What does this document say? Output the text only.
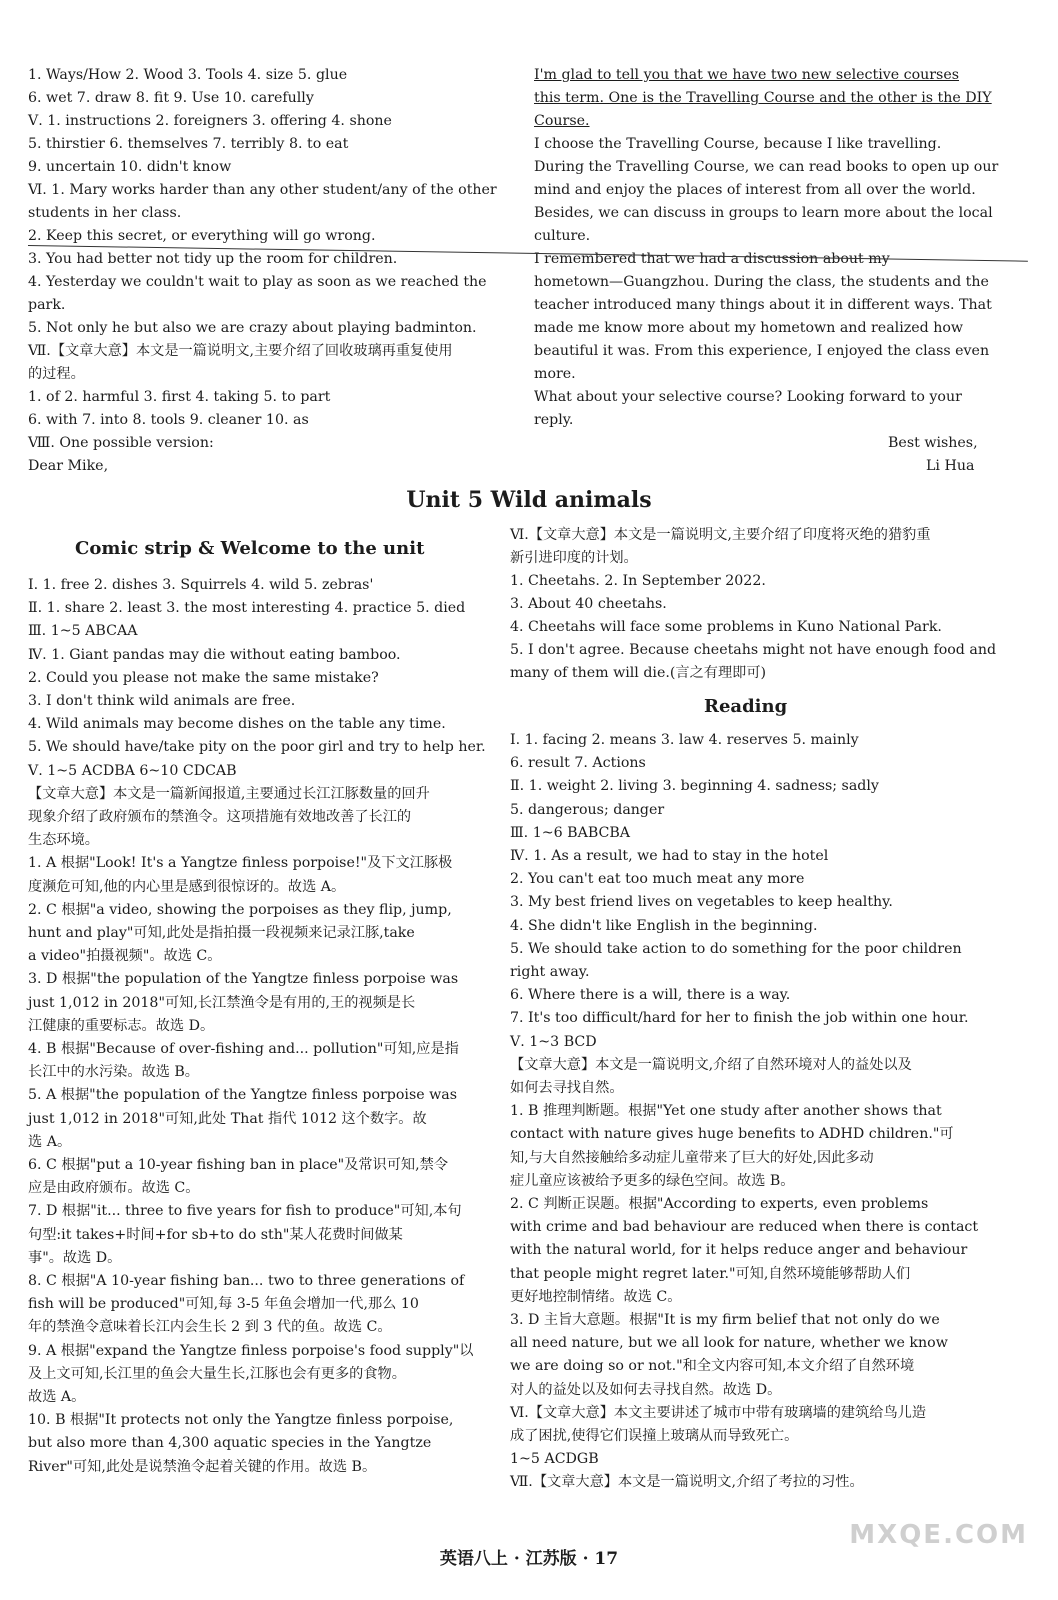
1. Ways/How 2. Wood 3. Tools 4. size 5. glue
6. wet 7. draw 8. fit 9. Use 10. carefully
Ⅴ. 1. instructions 2. foreigners 3. offering 4. shone
5. thirstier 6. themselves 7. terribly 8. to eat
9. uncertain 10. didn't know
Ⅵ. 1. Mary works harder than any other student/any of the other
students in her class.
2. Keep this secret, or everything will go wrong.
3. You had better not tidy up the room for children.
4. Yesterday we couldn't wait to play as soon as we reached the
park.
5. Not only he but also we are crazy about playing badminton.
Ⅶ.【文章大意】本文是一篇说明文,主要介绍了回收玻璃再重复使用
的过程。
1. of 2. harmful 3. first 4. taking 5. to part
6. with 7. into 8. tools 9. cleaner 10. as
Ⅷ. One possible version:
Dear Mike,
I'm glad to tell you that we have two new selective courses
this term. One is the Travelling Course and the other is the DIY
Course.
I choose the Travelling Course, because I like travelling.
During the Travelling Course, we can read books to open up our
mind and enjoy the places of interest from all over the world.
Besides, we can discuss in groups to learn more about the local
culture.
I remembered that we had a discussion about my
hometown—Guangzhou. During the class, the students and the
teacher introduced many things about it in different ways. That
made me know more about my hometown and realized how
beautiful it was. From this experience, I enjoyed the class even
more.
What about your selective course? Looking forward to your
reply.
Best wishes,
Li Hua
Unit 5 Wild animals
Comic strip & Welcome to the unit
Reading
Ⅰ. 1. free 2. dishes 3. Squirrels 4. wild 5. zebras'
Ⅱ. 1. share 2. least 3. the most interesting 4. practice 5. died
Ⅲ. 1~5 ABCAA
Ⅳ. 1. Giant pandas may die without eating bamboo.
2. Could you please not make the same mistake?
3. I don't think wild animals are free.
4. Wild animals may become dishes on the table any time.
5. We should have/take pity on the poor girl and try to help her.
Ⅴ. 1~5 ACDBA 6~10 CDCAB
【文章大意】本文是一篇新闻报道,主要通过长江江豚数量的回升
现象介绍了政府颁布的禁渔令。这项措施有效地改善了长江的
生态环境。
1. A 根据"Look! It's a Yangtze finless porpoise!"及下文江豚极
度濒危可知,他的内心里是感到很惊讶的。故选 A。
2. C 根据"a video, showing the porpoises as they flip, jump,
hunt and play"可知,此处是指拍摄一段视频来记录江豚,take
a video"拍摄视频"。故选 C。
3. D 根据"the population of the Yangtze finless porpoise was
just 1,012 in 2018"可知,长江禁渔令是有用的,王的视频是长
江健康的重要标志。故选 D。
4. B 根据"Because of over-fishing and... pollution"可知,应是指
长江中的水污染。故选 B。
5. A 根据"the population of the Yangtze finless porpoise was
just 1,012 in 2018"可知,此处 That 指代 1012 这个数字。故
选 A。
6. C 根据"put a 10-year fishing ban in place"及常识可知,禁令
应是由政府颁布。故选 C。
7. D 根据"it... three to five years for fish to produce"可知,本句
句型:it takes+时间+for sb+to do sth"某人花费时间做某
事"。故选 D。
8. C 根据"A 10-year fishing ban... two to three generations of
fish will be produced"可知,每 3-5 年鱼会增加一代,那么 10
年的禁渔令意味着长江内会生长 2 到 3 代的鱼。故选 C。
9. A 根据"expand the Yangtze finless porpoise's food supply"以
及上文可知,长江里的鱼会大量生长,江豚也会有更多的食物。
故选 A。
10. B 根据"It protects not only the Yangtze finless porpoise,
but also more than 4,300 aquatic species in the Yangtze
River"可知,此处是说禁渔令起着关键的作用。故选 B。
Ⅵ.【文章大意】本文是一篇说明文,主要介绍了印度将灭绝的猎豹重
新引进印度的计划。
1. Cheetahs. 2. In September 2022.
3. About 40 cheetahs.
4. Cheetahs will face some problems in Kuno National Park.
5. I don't agree. Because cheetahs might not have enough food and
many of them will die.(言之有理即可)
Ⅰ. 1. facing 2. means 3. law 4. reserves 5. mainly
6. result 7. Actions
Ⅱ. 1. weight 2. living 3. beginning 4. sadness; sadly
5. dangerous; danger
Ⅲ. 1~6 BABCBA
Ⅳ. 1. As a result, we had to stay in the hotel
2. You can't eat too much meat any more
3. My best friend lives on vegetables to keep healthy.
4. She didn't like English in the beginning.
5. We should take action to do something for the poor children
right away.
6. Where there is a will, there is a way.
7. It's too difficult/hard for her to finish the job within one hour.
Ⅴ. 1~3 BCD
【文章大意】本文是一篇说明文,介绍了自然环境对人的益处以及
如何去寻找自然。
1. B 推理判断题。根据"Yet one study after another shows that
contact with nature gives huge benefits to ADHD children."可
知,与大自然接触给多动症儿童带来了巨大的好处,因此多动
症儿童应该被给予更多的绿色空间。故选 B。
2. C 判断正误题。根据"According to experts, even problems
with crime and bad behaviour are reduced when there is contact
with the natural world, for it helps reduce anger and behaviour
that people might regret later."可知,自然环境能够帮助人们
更好地控制情绪。故选 C。
3. D 主旨大意题。根据"It is my firm belief that not only do we
all need nature, but we all look for nature, whether we know
we are doing so or not."和全文内容可知,本文介绍了自然环境
对人的益处以及如何去寻找自然。故选 D。
Ⅵ.【文章大意】本文主要讲述了城市中带有玻璃墙的建筑给鸟儿造
成了困扰,使得它们误撞上玻璃从而导致死亡。
1~5 ACDGB
Ⅶ.【文章大意】本文是一篇说明文,介绍了考拉的习性。
英语八上 · 江苏版 · 17
MXQE.COM
